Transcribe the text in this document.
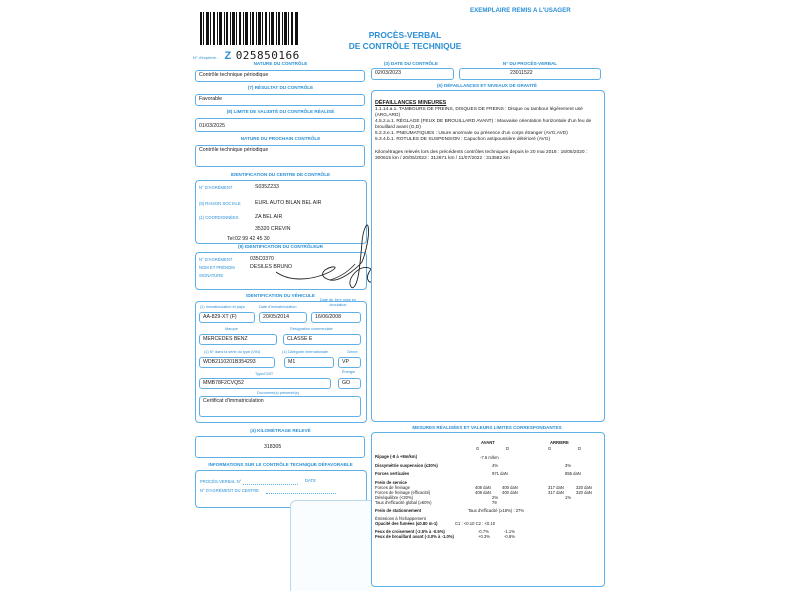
N° d'imprimé : Z 025850166
EXEMPLAIRE REMIS A L'USAGER
PROCÈS-VERBAL
DE CONTRÔLE TECHNIQUE
NATURE DU CONTRÔLE
Contrôle technique périodique
(7) RÉSULTAT DU CONTRÔLE
Favorable
(8) LIMITE DE VALIDITÉ DU CONTRÔLE RÉALISÉ
01/03/2025
NATURE DU PROCHAIN CONTRÔLE
Contrôle technique périodique
IDENTIFICATION DU CENTRE DE CONTRÔLE
N° D'AGRÉMENT	S035Z233
(9) RAISON SOCIALE	EURL AUTO BILAN BEL AIR
(1) COORDONNÉES	ZA BEL AIR
35320 CREVIN
Tel:02 99 42 45 30
(9) IDENTIFICATION DU CONTRÔLEUR
N° D'AGRÉMENT	035C0370
NOM ET PRÉNOM	DESILES BRUNO
SIGNATURE
IDENTIFICATION DU VÉHICULE
(1) Immatriculation et pays	Date d'immatriculation
Date de 1ère mise en circulation
AA-829-XT (F)	20/05/2014	16/06/2008
Marque	Désignation commerciale
MERCEDES BENZ	CLASSE E
(1) N° dans la série du type (VIN)	(1) Catégorie internationale	Genre
WDB2110201B354293	M1	VP
Type/CNIT	Énergie
MMB78F2CVQ52	GO
Document(s) présenté(s)
Certificat d'immatriculation
(4) KILOMÉTRAGE RELEVÉ
318305
INFORMATIONS SUR LE CONTRÔLE TECHNIQUE DÉFAVORABLE
PROCÈS-VERBAL N°	DATE
N° D'AGRÉMENT DU CENTRE
(3) DATE DU CONTRÔLE
02/03/2023
N° DU PROCÈS-VERBAL
23011522
(6) DÉFAILLANCES ET NIVEAUX DE GRAVITÉ
DÉFAILLANCES MINEURES
1.1.14.a.1. TAMBOURS DE FREINS, DISQUES DE FREINS : Disque ou tambour légèrement usé (ARG,ARD)
4.5.2.a.1. RÉGLAGE (FEUX DE BROUILLARD AVANT) : Mauvaise orientation horizontale d'un feu de brouillard avant (G,D)
5.2.3.e.1. PNEUMATIQUES : Usure anormale ou présence d'un corps étranger (AVG,AVD)
5.3.4.b.1. ROTULES DE SUSPENSION : Capuchon antipoussière détérioré (AVG)
Kilométrages relevés lors des précédents contrôles techniques depuis le 20 mai 2018 : 16/05/2020 : 300615 km / 20/05/2022 : 312671 km / 11/07/2022 : 313582 km
MESURES RÉALISÉES ET VALEURS LIMITES CORRESPONDANTES
AVANT	ARRIERE
G	D	G	D
Ripage (-8 à +8m/km)	-7.6 m/km
Dissymétrie suspension (≤30%)	4%	3%
Forces verticales	971 daN	855 daN
Frein de service
Forces de freinage	408 daN	400 daN	317 daN	320 daN
Forces de freinage (efficacité)	408 daN	400 daN	317 daN	320 daN
Déséquilibre (<30%)	2%	1%
Taux d'efficacité global (≥50%)	79
Frein de stationnement	Taux d'efficacité (≥18%) : 27%
Émissions à l'échappement
Opacité des fumées (≤0.80 m-1)	C1 : <0.10 C2 : <0.10
Feux de croisement (-2.5% à -0.5%)	-0.7%	-1.1%
Feux de brouillard avant (-3.0% à -1.0%)	+0.3%	-0.8%
